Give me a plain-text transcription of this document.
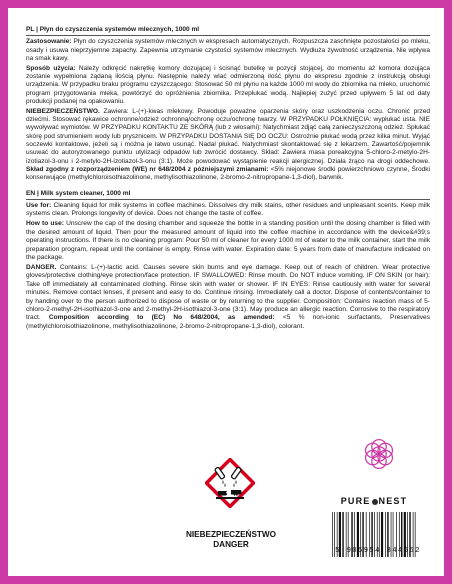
PL | Płyn do czyszczenia systemów mlecznych, 1000 ml
Zastosowanie: Płyn do czyszczenia systemów mlecznych w ekspresach automatycznych. Rozpuszcza zaschnięte pozostałości po mleku, osady i usuwa nieprzyjemne zapachy. Zapewnia utrzymanie czystości systemów mlecznych. Wydłuża żywotność urządzenia. Nie wpływa na smak kawy.
Sposób użycia: Należy odkręcić nakrętkę komory dozującej i ścisnąć butelkę w pozycji stojącej, do momentu aż komora dozująca zostanie wypełniona żądaną ilością płynu. Następnie należy wlać odmierzoną ilość płynu do ekspresu zgodnie z instrukcją obsługi urządzenia. W przypadku braku programu czyszczącego: Stosować 50 ml płynu na każde 1000 ml wody do zbiornika na mleko, uruchomić program przygotowania mleka, powtórzyć do opróżnienia zbiornika. Przepłukać wodą. Najlepiej zużyć przed upływem 5 lat od daty produkcji podanej na opakowaniu.
NIEBEZPIECZEŃSTWO. Zawiera: L-(+)-kwas mlekowy. Powoduje poważne oparzenia skóry oraz uszkodzenia oczu. Chronić przed dziećmi. Stosować rękawice ochronne/odzież ochronną/ochronę oczu/ochronę twarzy. W PRZYPADKU POŁKNIĘCIA: wypłukać usta. NIE wywoływać wymiotów. W PRZYPADKU KONTAKTU ZE SKÓRĄ (lub z włosami): Natychmiast zdjąć całą zanieczyszczoną odzież. Spłukać skórę pod strumieniem wody lub prysznicem. W PRZYPADKU DOSTANIA SIĘ DO OCZU: Ostrożnie płukać wodą przez kilka minut. Wyjąć soczewki kontaktowe, jeżeli są i można je łatwo usunąć. Nadal płukać. Natychmiast skontaktować się z lekarzem. Zawartość/pojemnik usuwać do autoryzowanego punktu utylizacji odpadów lub zwrócić dostawcy. Skład: Zawiera masa poreakcyjna 5-chloro-2-metylo-2H-izotiazol-3-onu i 2-metylo-2H-izotiazol-3-onu (3:1). Może powodować wystąpienie reakcji alergicznej. Działa żrąco na drogi oddechowe. Skład zgodny z rozporządzeniem (WE) nr 648/2004 z późniejszymi zmianami: <5% niejonowe środki powierzchniowo czynne, Środki konserwujące (methylchloroisothiazolinone, methylisothiazolinone, 2-bromo-2-nitropropane-1,3-diol), barwnik.
EN | Milk system cleaner, 1000 ml
Use for: Cleaning liquid for milk systems in coffee machines. Dissolves dry milk stains, other residues and unpleasant scents. Keep milk systems clean. Prolongs longevity of device. Does not change the taste of coffee.
How to use: Unscrew the cap of the dosing chamber and squeeze the bottle in a standing position until the dosing chamber is filled with the desired amount of liquid. Then pour the measured amount of liquid into the coffee machine in accordance with the device&#39;s operating instructions. If there is no cleaning program: Pour 50 ml of cleaner for every 1000 ml of water to the milk container, start the milk preparation program, repeat until the container is empty. Rinse with water. Expiration date: 5 years from date of manufacture indicated on the package.
DANGER. Contains: L-(+)-lactic acid. Causes severe skin burns and eye damage. Keep out of reach of children. Wear protective gloves/protective clothing/eye protection/face protection. IF SWALLOWED: Rinse mouth. Do NOT induce vomiting. IF ON SKIN (or hair): Take off immediately all contaminated clothing. Rinse skin with water or shower. IF IN EYES: Rinse cautiously with water for several minutes. Remove contact lenses, if present and easy to do. Continue rinsing. Immediately call a doctor. Dispose of contents/container to by handing over to the person authorized to dispose of waste or by returning to the supplier. Composition: Contains reaction mass of 5-chloro-2-methyl-2H-isothiazol-3-one and 2-methyl-2H-isothiazol-3-one (3:1). May produce an allergic reaction. Corrosive to the respiratory tract. Composition according to (EC) No 648/2004, as amended: <5 % non-ionic surfactants, Preservatives (methylchloroisothiazolinone, methylisothiazolinone, 2-bromo-2-nitropropane-1,3-diol), colorant.
NIEBEZPIECZEŃSTWO
DANGER
PURE NEST
5 905954 844562
